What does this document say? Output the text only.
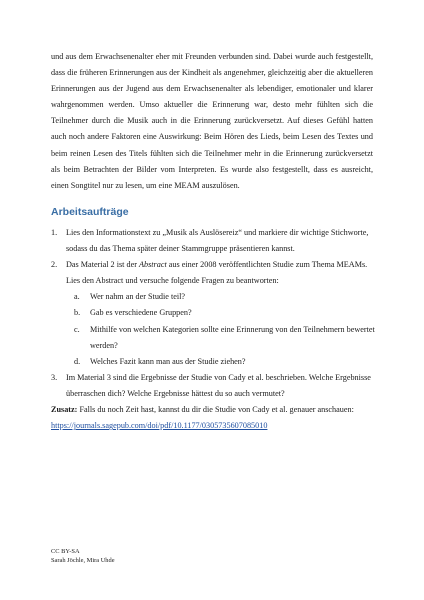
und aus dem Erwachsenenalter eher mit Freunden verbunden sind. Dabei wurde auch festgestellt, dass die früheren Erinnerungen aus der Kindheit als angenehmer, gleichzeitig aber die aktuelleren Erinnerungen aus der Jugend aus dem Erwachsenenalter als lebendiger, emotionaler und klarer wahrgenommen werden. Umso aktueller die Erinnerung war, desto mehr fühlten sich die Teilnehmer durch die Musik auch in die Erinnerung zurückversetzt. Auf dieses Gefühl hatten auch noch andere Faktoren eine Auswirkung: Beim Hören des Lieds, beim Lesen des Textes und beim reinen Lesen des Titels fühlten sich die Teilnehmer mehr in die Erinnerung zurückversetzt als beim Betrachten der Bilder vom Interpreten. Es wurde also festgestellt, dass es ausreicht, einen Songtitel nur zu lesen, um eine MEAM auszulösen.

Arbeitsaufträge
1. Lies den Informationstext zu „Musik als Auslösereiz“ und markiere dir wichtige Stichworte, sodass du das Thema später deiner Stammgruppe präsentieren kannst.
2. Das Material 2 ist der Abstract aus einer 2008 veröffentlichten Studie zum Thema MEAMs. Lies den Abstract und versuche folgende Fragen zu beantworten:
a. Wer nahm an der Studie teil?
b. Gab es verschiedene Gruppen?
c. Mithilfe von welchen Kategorien sollte eine Erinnerung von den Teilnehmern bewertet werden?
d. Welches Fazit kann man aus der Studie ziehen?
3. Im Material 3 sind die Ergebnisse der Studie von Cady et al. beschrieben. Welche Ergebnisse überraschen dich? Welche Ergebnisse hättest du so auch vermutet?
Zusatz: Falls du noch Zeit hast, kannst du dir die Studie von Cady et al. genauer anschauen:
https://journals.sagepub.com/doi/pdf/10.1177/030573560708501​0
CC BY-SA
Sarah Jöchle, Mira Uhde
